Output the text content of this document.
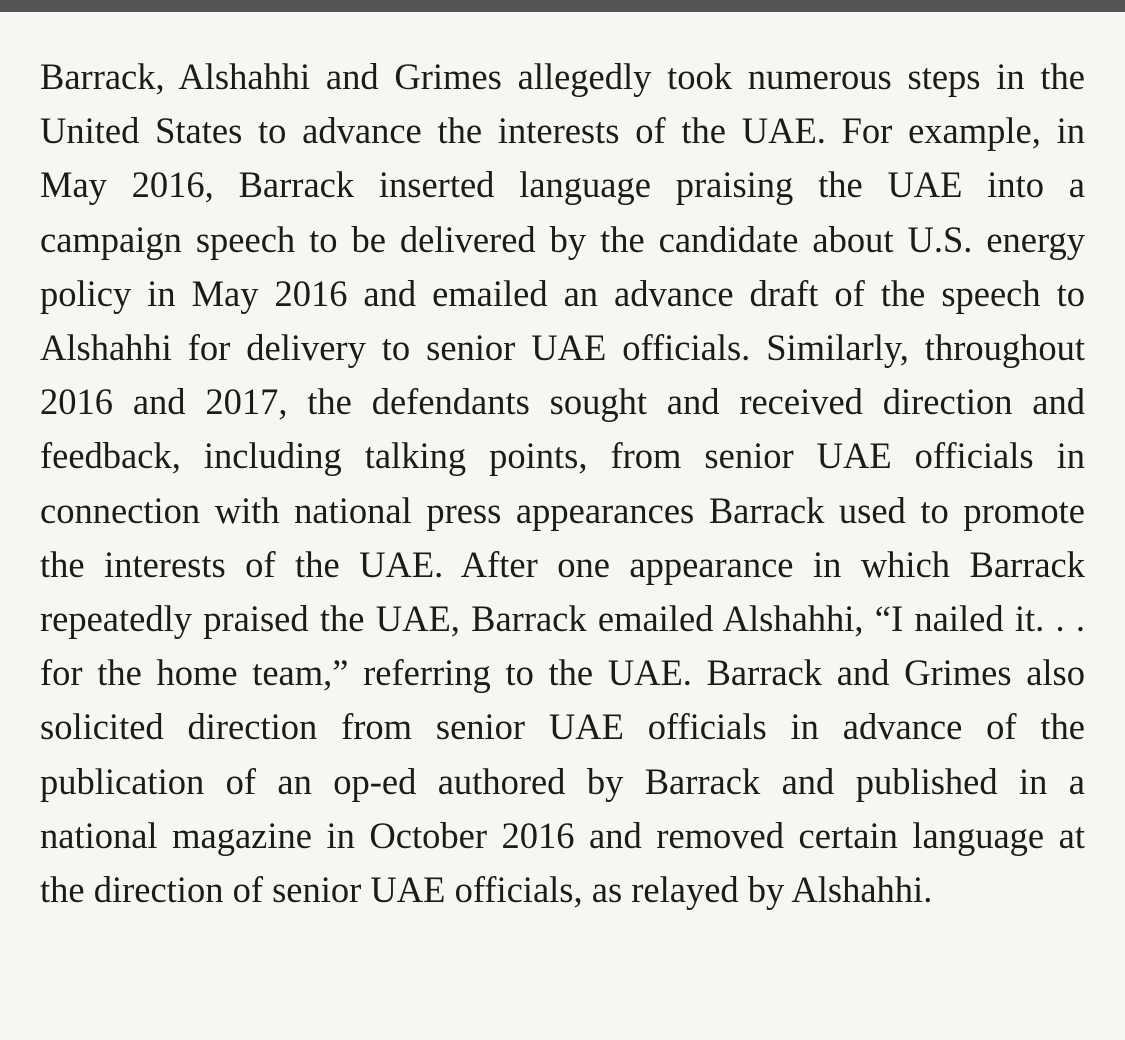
Barrack, Alshahhi and Grimes allegedly took numerous steps in the United States to advance the interests of the UAE. For example, in May 2016, Barrack inserted language praising the UAE into a campaign speech to be delivered by the candidate about U.S. energy policy in May 2016 and emailed an advance draft of the speech to Alshahhi for delivery to senior UAE officials. Similarly, throughout 2016 and 2017, the defendants sought and received direction and feedback, including talking points, from senior UAE officials in connection with national press appearances Barrack used to promote the interests of the UAE. After one appearance in which Barrack repeatedly praised the UAE, Barrack emailed Alshahhi, “I nailed it. . . for the home team,” referring to the UAE. Barrack and Grimes also solicited direction from senior UAE officials in advance of the publication of an op-ed authored by Barrack and published in a national magazine in October 2016 and removed certain language at the direction of senior UAE officials, as relayed by Alshahhi.
